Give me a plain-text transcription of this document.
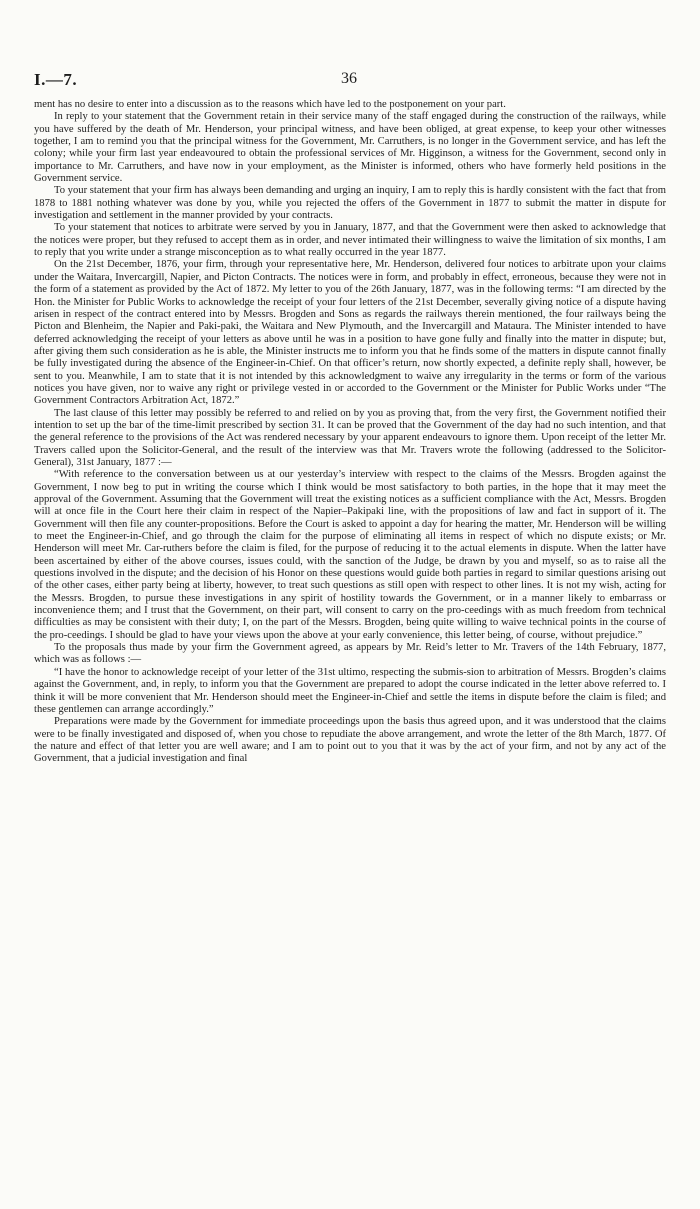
I.—7.	36

ment has no desire to enter into a discussion as to the reasons which have led to the postponement on your part.

In reply to your statement that the Government retain in their service many of the staff engaged during the construction of the railways, while you have suffered by the death of Mr. Henderson, your principal witness, and have been obliged, at great expense, to keep your other witnesses together, I am to remind you that the principal witness for the Government, Mr. Carruthers, is no longer in the Government service, and has left the colony; while your firm last year endeavoured to obtain the professional services of Mr. Higginson, a witness for the Government, second only in importance to Mr. Carruthers, and have now in your employment, as the Minister is informed, others who have formerly held positions in the Government service.

To your statement that your firm has always been demanding and urging an inquiry, I am to reply this is hardly consistent with the fact that from 1878 to 1881 nothing whatever was done by you, while you rejected the offers of the Government in 1877 to submit the matter in dispute for investigation and settlement in the manner provided by your contracts.

To your statement that notices to arbitrate were served by you in January, 1877, and that the Government were then asked to acknowledge that the notices were proper, but they refused to accept them as in order, and never intimated their willingness to waive the limitation of six months, I am to reply that you write under a strange misconception as to what really occurred in the year 1877.

On the 21st December, 1876, your firm, through your representative here, Mr. Henderson, delivered four notices to arbitrate upon your claims under the Waitara, Invercargill, Napier, and Picton Contracts. The notices were in form, and probably in effect, erroneous, because they were not in the form of a statement as provided by the Act of 1872. My letter to you of the 26th January, 1877, was in the following terms: “I am directed by the Hon. the Minister for Public Works to acknowledge the receipt of your four letters of the 21st December, severally giving notice of a dispute having arisen in respect of the contract entered into by Messrs. Brogden and Sons as regards the railways therein mentioned, the four railways being the Picton and Blenheim, the Napier and Paki-paki, the Waitara and New Plymouth, and the Invercargill and Mataura. The Minister intended to have deferred acknowledging the receipt of your letters as above until he was in a position to have gone fully and finally into the matter in dispute; but, after giving them such consideration as he is able, the Minister instructs me to inform you that he finds some of the matters in dispute cannot finally be fully investigated during the absence of the Engineer-in-Chief. On that officer’s return, now shortly expected, a definite reply shall, however, be sent to you. Meanwhile, I am to state that it is not intended by this acknowledgment to waive any irregularity in the terms or form of the various notices you have given, nor to waive any right or privilege vested in or accorded to the Government or the Minister for Public Works under “The Government Contractors Arbitration Act, 1872.”

The last clause of this letter may possibly be referred to and relied on by you as proving that, from the very first, the Government notified their intention to set up the bar of the time-limit prescribed by section 31. It can be proved that the Government of the day had no such intention, and that the general reference to the provisions of the Act was rendered necessary by your apparent endeavours to ignore them. Upon receipt of the letter Mr. Travers called upon the Solicitor-General, and the result of the interview was that Mr. Travers wrote the following (addressed to the Solicitor-General), 31st January, 1877 :—

“With reference to the conversation between us at our yesterday’s interview with respect to the claims of the Messrs. Brogden against the Government, I now beg to put in writing the course which I think would be most satisfactory to both parties, in the hope that it may meet the approval of the Government. Assuming that the Government will treat the existing notices as a sufficient compliance with the Act, Messrs. Brogden will at once file in the Court here their claim in respect of the Napier–Pakipaki line, with the propositions of law and fact in support of it. The Government will then file any counter-propositions. Before the Court is asked to appoint a day for hearing the matter, Mr. Henderson will be willing to meet the Engineer-in-Chief, and go through the claim for the purpose of eliminating all items in respect of which no dispute exists; or Mr. Henderson will meet Mr. Car-ruthers before the claim is filed, for the purpose of reducing it to the actual elements in dispute. When the latter have been ascertained by either of the above courses, issues could, with the sanction of the Judge, be drawn by you and myself, so as to raise all the questions involved in the dispute; and the decision of his Honor on these questions would guide both parties in regard to similar questions arising out of the other cases, either party being at liberty, however, to treat such questions as still open with respect to other lines. It is not my wish, acting for the Messrs. Brogden, to pursue these investigations in any spirit of hostility towards the Government, or in a manner likely to embarrass or inconvenience them; and I trust that the Government, on their part, will consent to carry on the pro-ceedings with as much freedom from technical difficulties as may be consistent with their duty; I, on the part of the Messrs. Brogden, being quite willing to waive technical points in the course of the pro-ceedings. I should be glad to have your views upon the above at your early convenience, this letter being, of course, without prejudice.”

To the proposals thus made by your firm the Government agreed, as appears by Mr. Reid’s letter to Mr. Travers of the 14th February, 1877, which was as follows :—

“I have the honor to acknowledge receipt of your letter of the 31st ultimo, respecting the submis-sion to arbitration of Messrs. Brogden’s claims against the Government, and, in reply, to inform you that the Government are prepared to adopt the course indicated in the letter above referred to. I think it will be more convenient that Mr. Henderson should meet the Engineer-in-Chief and settle the items in dispute before the claim is filed; and these gentlemen can arrange accordingly.”

Preparations were made by the Government for immediate proceedings upon the basis thus agreed upon, and it was understood that the claims were to be finally investigated and disposed of, when you chose to repudiate the above arrangement, and wrote the letter of the 8th March, 1877. Of the nature and effect of that letter you are well aware; and I am to point out to you that it was by the act of your firm, and not by any act of the Government, that a judicial investigation and final
